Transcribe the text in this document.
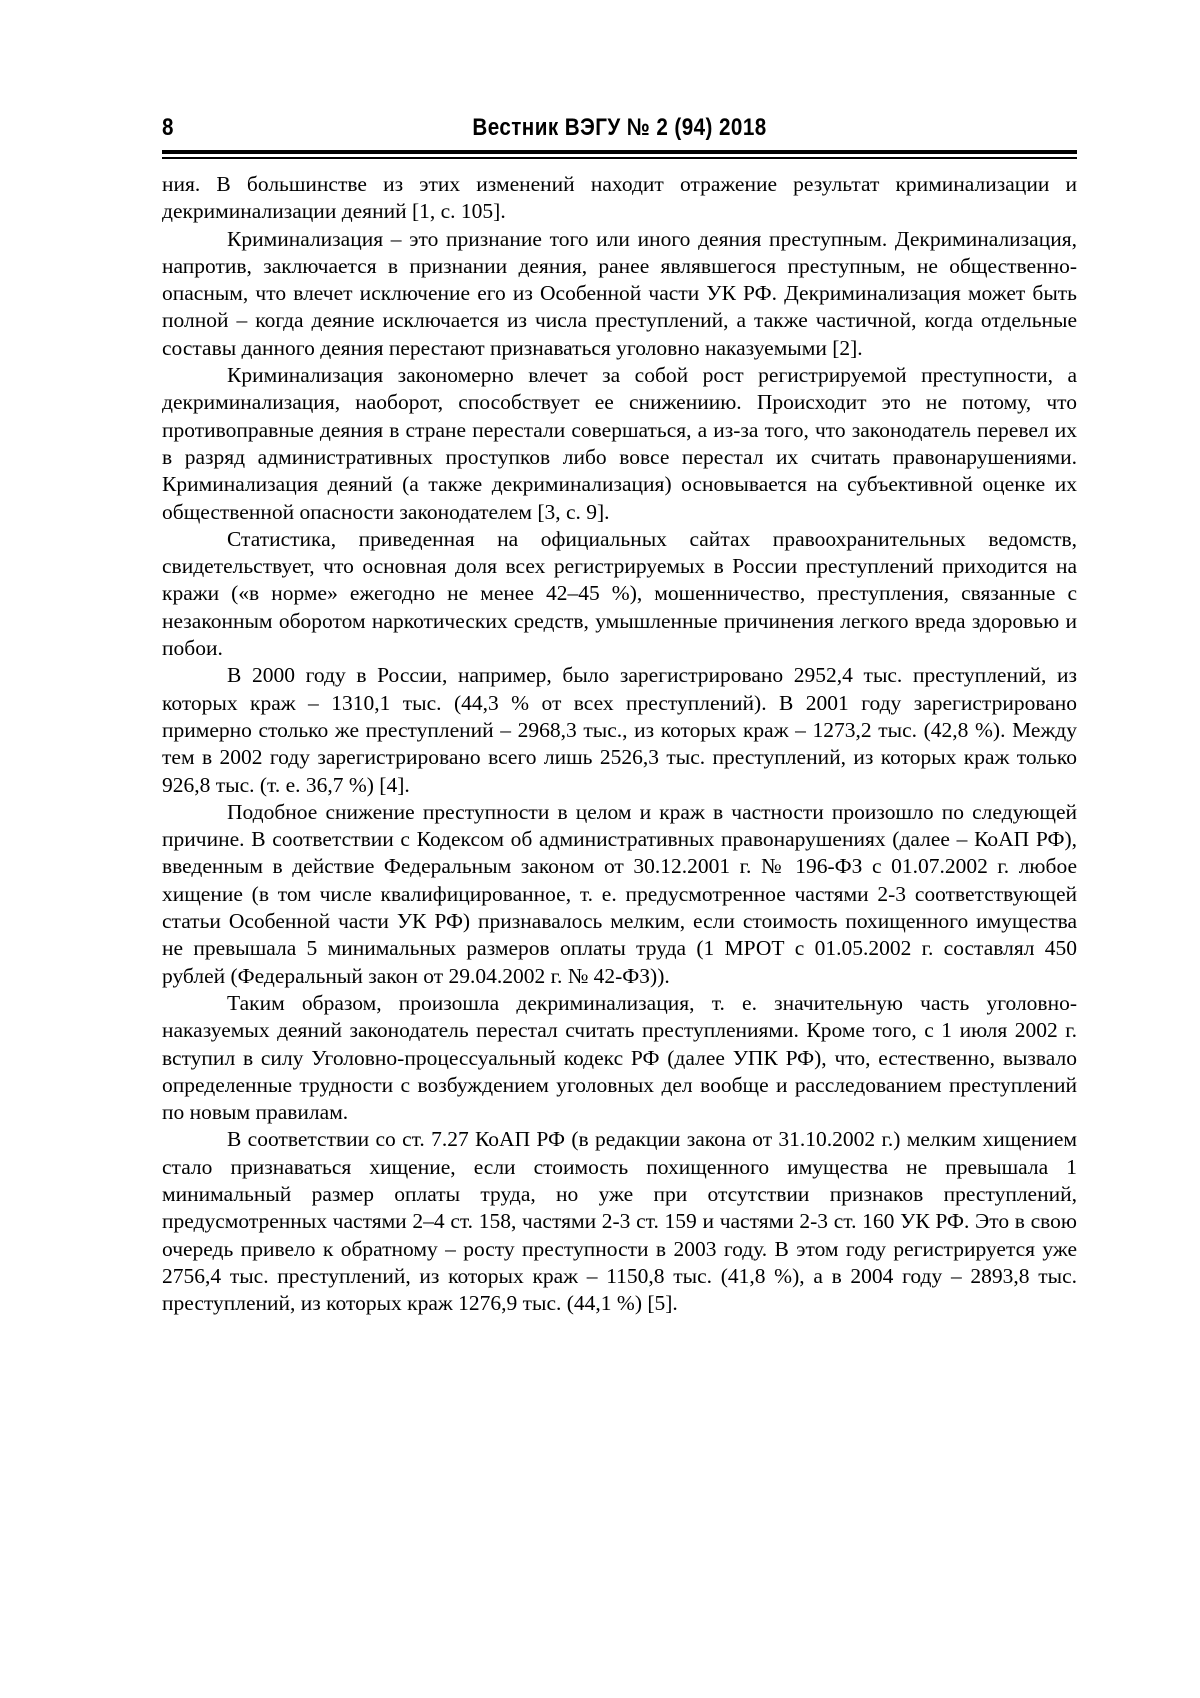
8	Вестник ВЭГУ № 2 (94) 2018

ния. В большинстве из этих изменений находит отражение результат криминализации и декриминализации деяний [1, с. 105].

Криминализация – это признание того или иного деяния преступным. Декриминализация, напротив, заключается в признании деяния, ранее являвшегося преступным, не общественно-опасным, что влечет исключение его из Особенной части УК РФ. Декриминализация может быть полной – когда деяние исключается из числа преступлений, а также частичной, когда отдельные составы данного деяния перестают признаваться уголовно наказуемыми [2].

Криминализация закономерно влечет за собой рост регистрируемой преступности, а декриминализация, наоборот, способствует ее снижениию. Происходит это не потому, что противоправные деяния в стране перестали совершаться, а из-за того, что законодатель перевел их в разряд административных проступков либо вовсе перестал их считать правонарушениями. Криминализация деяний (а также декриминализация) основывается на субъективной оценке их общественной опасности законодателем [3, с. 9].

Статистика, приведенная на официальных сайтах правоохранительных ведомств, свидетельствует, что основная доля всех регистрируемых в России преступлений приходится на кражи («в норме» ежегодно не менее 42–45 %), мошенничество, преступления, связанные с незаконным оборотом наркотических средств, умышленные причинения легкого вреда здоровью и побои.

В 2000 году в России, например, было зарегистрировано 2952,4 тыс. преступлений, из которых краж – 1310,1 тыс. (44,3 % от всех преступлений). В 2001 году зарегистрировано примерно столько же преступлений – 2968,3 тыс., из которых краж – 1273,2 тыс. (42,8 %). Между тем в 2002 году зарегистрировано всего лишь 2526,3 тыс. преступлений, из которых краж только 926,8 тыс. (т. е. 36,7 %) [4].

Подобное снижение преступности в целом и краж в частности произошло по следующей причине. В соответствии с Кодексом об административных правонарушениях (далее – КоАП РФ), введенным в действие Федеральным законом от 30.12.2001 г. № 196-ФЗ с 01.07.2002 г. любое хищение (в том числе квалифицированное, т. е. предусмотренное частями 2-3 соответствующей статьи Особенной части УК РФ) признавалось мелким, если стоимость похищенного имущества не превышала 5 минимальных размеров оплаты труда (1 МРОТ с 01.05.2002 г. составлял 450 рублей (Федеральный закон от 29.04.2002 г. № 42-ФЗ)).

Таким образом, произошла декриминализация, т. е. значительную часть уголовно-наказуемых деяний законодатель перестал считать преступлениями. Кроме того, с 1 июля 2002 г. вступил в силу Уголовно-процессуальный кодекс РФ (далее УПК РФ), что, естественно, вызвало определенные трудности с возбуждением уголовных дел вообще и расследованием преступлений по новым правилам.

В соответствии со ст. 7.27 КоАП РФ (в редакции закона от 31.10.2002 г.) мелким хищением стало признаваться хищение, если стоимость похищенного имущества не превышала 1 минимальный размер оплаты труда, но уже при отсутствии признаков преступлений, предусмотренных частями 2–4 ст. 158, частями 2-3 ст. 159 и частями 2-3 ст. 160 УК РФ. Это в свою очередь привело к обратному – росту преступности в 2003 году. В этом году регистрируется уже 2756,4 тыс. преступлений, из которых краж – 1150,8 тыс. (41,8 %), а в 2004 году – 2893,8 тыс. преступлений, из которых краж 1276,9 тыс. (44,1 %) [5].
